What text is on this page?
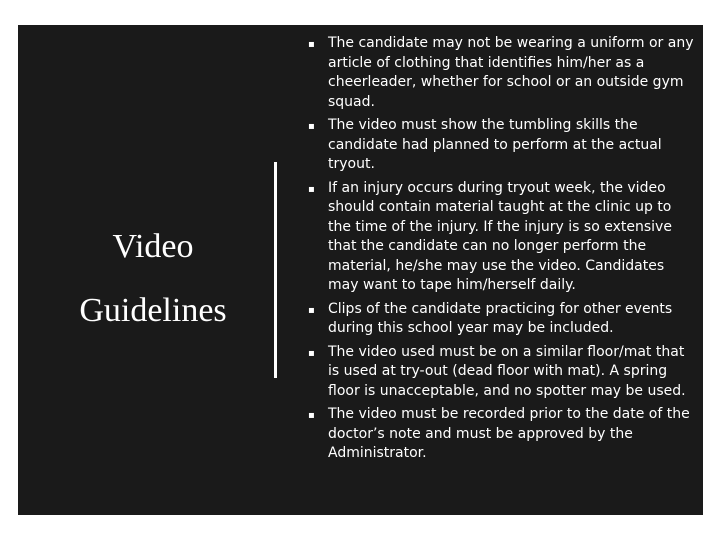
Video
Guidelines
▪ The candidate may not be wearing a uniform or any article of clothing that identifies him/her as a cheerleader, whether for school or an outside gym squad.
▪ The video must show the tumbling skills the candidate had planned to perform at the actual tryout.
▪ If an injury occurs during tryout week, the video should contain material taught at the clinic up to the time of the injury. If the injury is so extensive that the candidate can no longer perform the material, he/she may use the video. Candidates may want to tape him/herself daily.
▪ Clips of the candidate practicing for other events during this school year may be included.
▪ The video used must be on a similar floor/mat that is used at try-out (dead floor with mat). A spring floor is unacceptable, and no spotter may be used.
▪ The video must be recorded prior to the date of the doctor’s note and must be approved by the Administrator.
